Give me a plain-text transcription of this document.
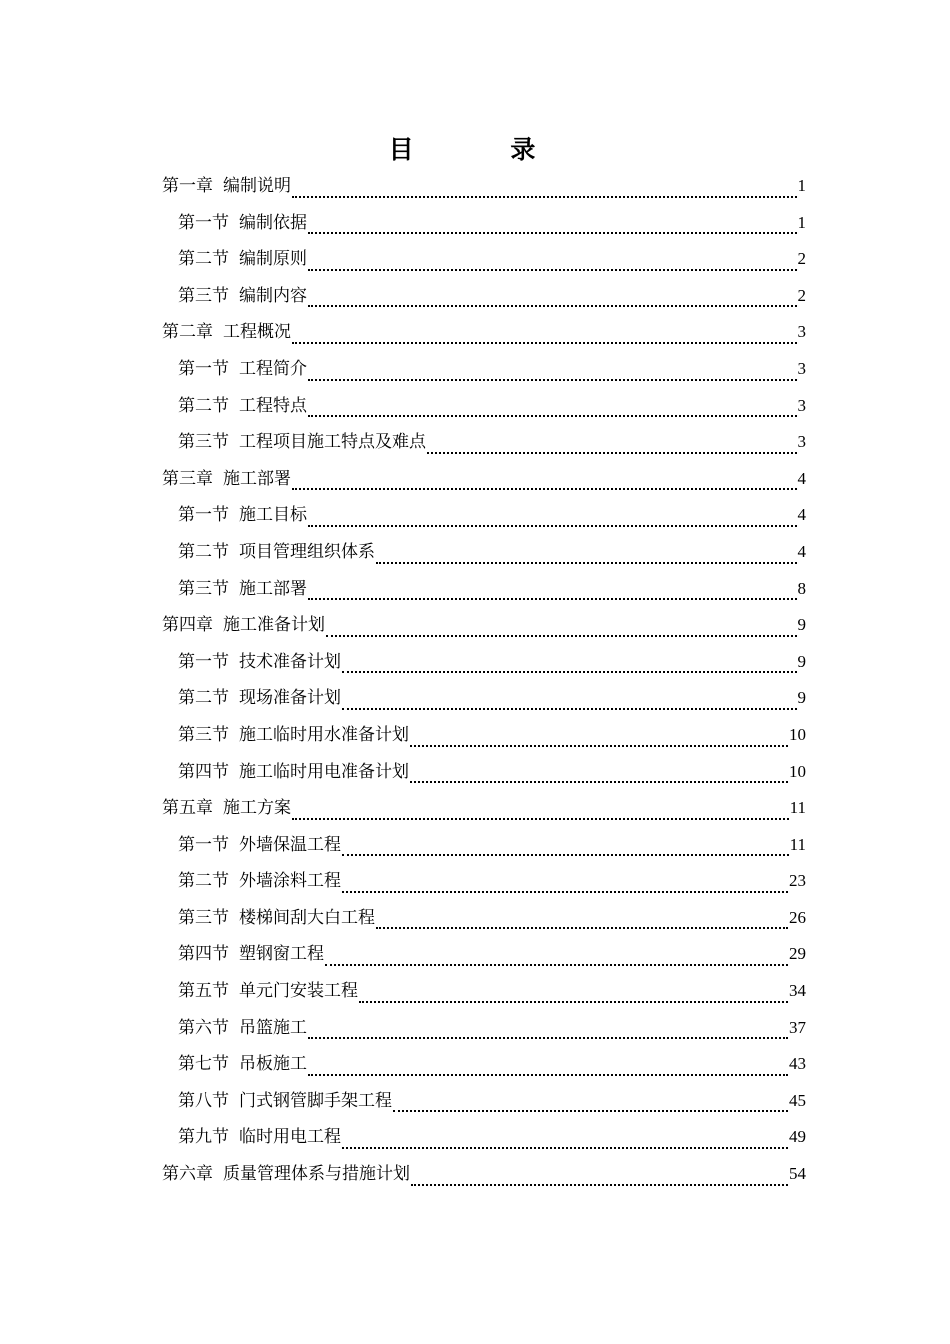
目 录
第一章 编制说明	1
第一节 编制依据	1
第二节 编制原则	2
第三节 编制内容	2
第二章 工程概况	3
第一节 工程简介	3
第二节 工程特点	3
第三节 工程项目施工特点及难点	3
第三章 施工部署	4
第一节 施工目标	4
第二节 项目管理组织体系	4
第三节 施工部署	8
第四章 施工准备计划	9
第一节 技术准备计划	9
第二节 现场准备计划	9
第三节 施工临时用水准备计划	10
第四节 施工临时用电准备计划	10
第五章 施工方案	11
第一节 外墙保温工程	11
第二节 外墙涂料工程	23
第三节 楼梯间刮大白工程	26
第四节 塑钢窗工程	29
第五节 单元门安装工程	34
第六节 吊篮施工	37
第七节 吊板施工	43
第八节 门式钢管脚手架工程	45
第九节 临时用电工程	49
第六章 质量管理体系与措施计划	54
